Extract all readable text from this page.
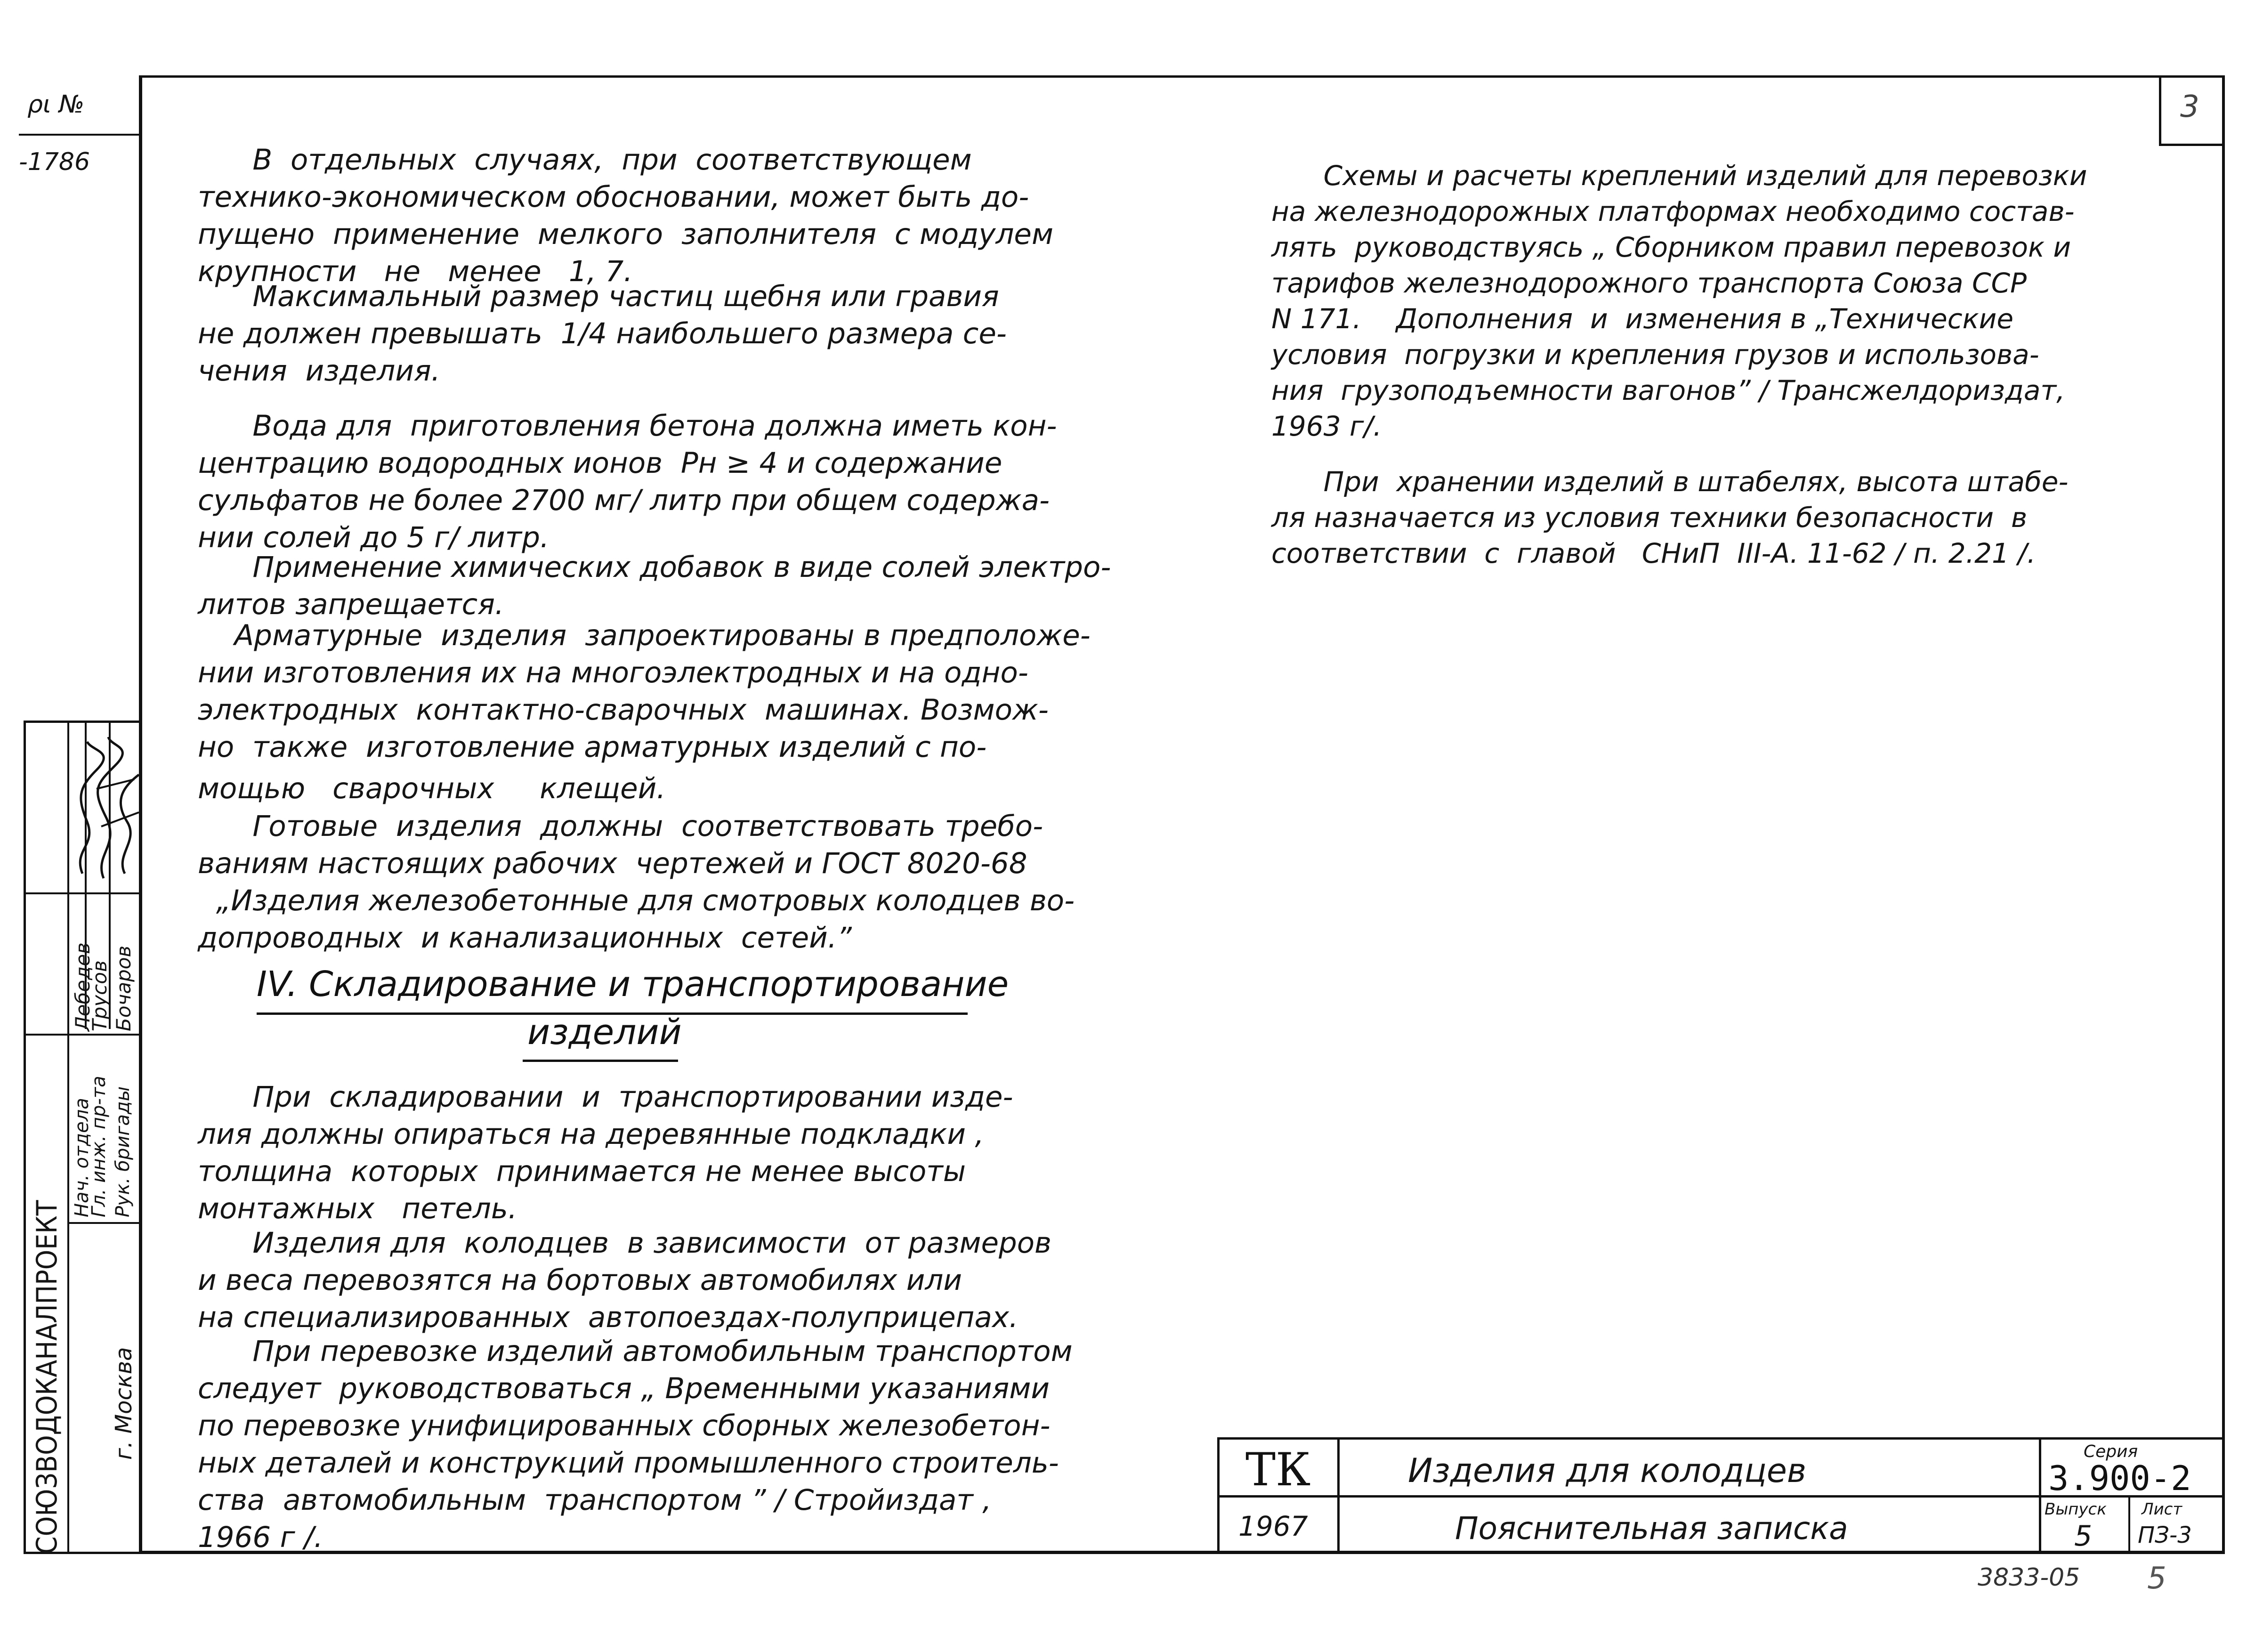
ρι №
-1786
3
СОЮЗВОДОКАНАЛПРОЕКТ г. Москва
Нач. отдела
Гл. инж. пр-та Рук. бригады
Лебедев
Трусов Бочаров
В  отдельных  случаях,  при  соответствующем
технико-экономическом обосновании, может быть до-
пущено  применение  мелкого  заполнителя  с модулем
крупности   не   менее   1, 7.
Максимальный размер частиц щебня или гравия
не должен превышать  1/4 наибольшего размера се-
чения  изделия.
Вода для  приготовления бетона должна иметь кон-
центрацию водородных ионов  Рн ≥ 4 и содержание
сульфатов не более 2700 мг/ литр при общем содержа-
нии солей до 5 г/ литр.
Применение химических добавок в виде солей электро-
литов запрещается.
Арматурные  изделия  запроектированы в предположе-
нии изготовления их на многоэлектродных и на одно-
электродных  контактно-сварочных  машинах. Возмож-
но  также  изготовление арматурных изделий с по-
мощью   сварочных     клещей.
Готовые  изделия  должны  соответствовать требо-
ваниям настоящих рабочих  чертежей и ГОСТ 8020-68
„Изделия железобетонные для смотровых колодцев во-
допроводных  и канализационных  сетей.”
IV. Складирование и транспортирование
изделий
При  складировании  и  транспортировании изде-
лия должны опираться на деревянные подкладки ,
толщина  которых  принимается не менее высоты
монтажных   петель.
Изделия для  колодцев  в зависимости  от размеров
и веса перевозятся на бортовых автомобилях или
на специализированных  автопоездах-полуприцепах.
При перевозке изделий автомобильным транспортом
следует  руководствоваться „ Временными указаниями
по перевозке унифицированных сборных железобетон-
ных деталей и конструкций промышленного строитель-
ства  автомобильным  транспортом ” / Стройиздат ,
1966 г /.
Схемы и расчеты креплений изделий для перевозки
на железнодорожных платформах необходимо состав-
лять  руководствуясь „ Сборником правил перевозок и
тарифов железнодорожного транспорта Союза ССР
N 171.    Дополнения  и  изменения в „Технические
условия  погрузки и крепления грузов и использова-
ния  грузоподъемности вагонов” / Трансжелдориздат,
1963 г/.
При  хранении изделий в штабелях, высота штабе-
ля назначается из условия техники безопасности  в
соответствии  с  главой   СНиП  III-А. 11-62 / п. 2.21 /.
ТК
1967
Изделия для колодцев
Пояснительная записка
Серия
3.900-2
Выпуск
5
Лист
ПЗ-3
3833-05 5
